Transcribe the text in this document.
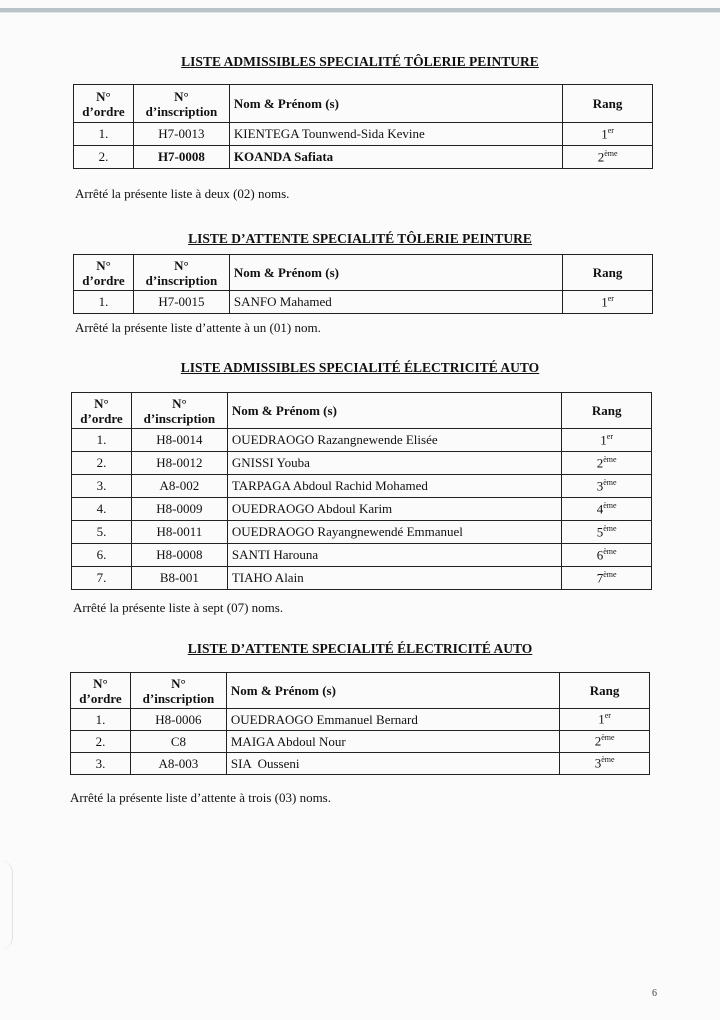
LISTE ADMISSIBLES SPECIALITÉ TÔLERIE PEINTURE
N°
d’ordre	N°
d’inscription	Nom & Prénom (s)	Rang
1.	H7-0013	KIENTEGA Tounwend-Sida Kevine	1er
2.	H7-0008	KOANDA Safiata	2ème
Arrêté la présente liste à deux (02) noms.
LISTE D’ATTENTE SPECIALITÉ TÔLERIE PEINTURE
N°
d’ordre	N°
d’inscription	Nom & Prénom (s)	Rang
1.	H7-0015	SANFO Mahamed	1er
Arrêté la présente liste d’attente à un (01) nom.
LISTE ADMISSIBLES SPECIALITÉ ÉLECTRICITÉ AUTO
N°
d’ordre	N°
d’inscription	Nom & Prénom (s)	Rang
1.	H8-0014	OUEDRAOGO Razangnewende Elisée	1er
2.	H8-0012	GNISSI Youba	2ème
3.	A8-002	TARPAGA Abdoul Rachid Mohamed	3ème
4.	H8-0009	OUEDRAOGO Abdoul Karim	4ème
5.	H8-0011	OUEDRAOGO Rayangnewendé Emmanuel	5ème
6.	H8-0008	SANTI Harouna	6ème
7.	B8-001	TIAHO Alain	7ème
Arrêté la présente liste à sept (07) noms.
LISTE D’ATTENTE SPECIALITÉ ÉLECTRICITÉ AUTO
N°
d’ordre	N°
d’inscription	Nom & Prénom (s)	Rang
1.	H8-0006	OUEDRAOGO Emmanuel Bernard	1er
2.	C8	MAIGA Abdoul Nour	2ème
3.	A8-003	SIA  Ousseni	3ème
Arrêté la présente liste d’attente à trois (03) noms.
6
